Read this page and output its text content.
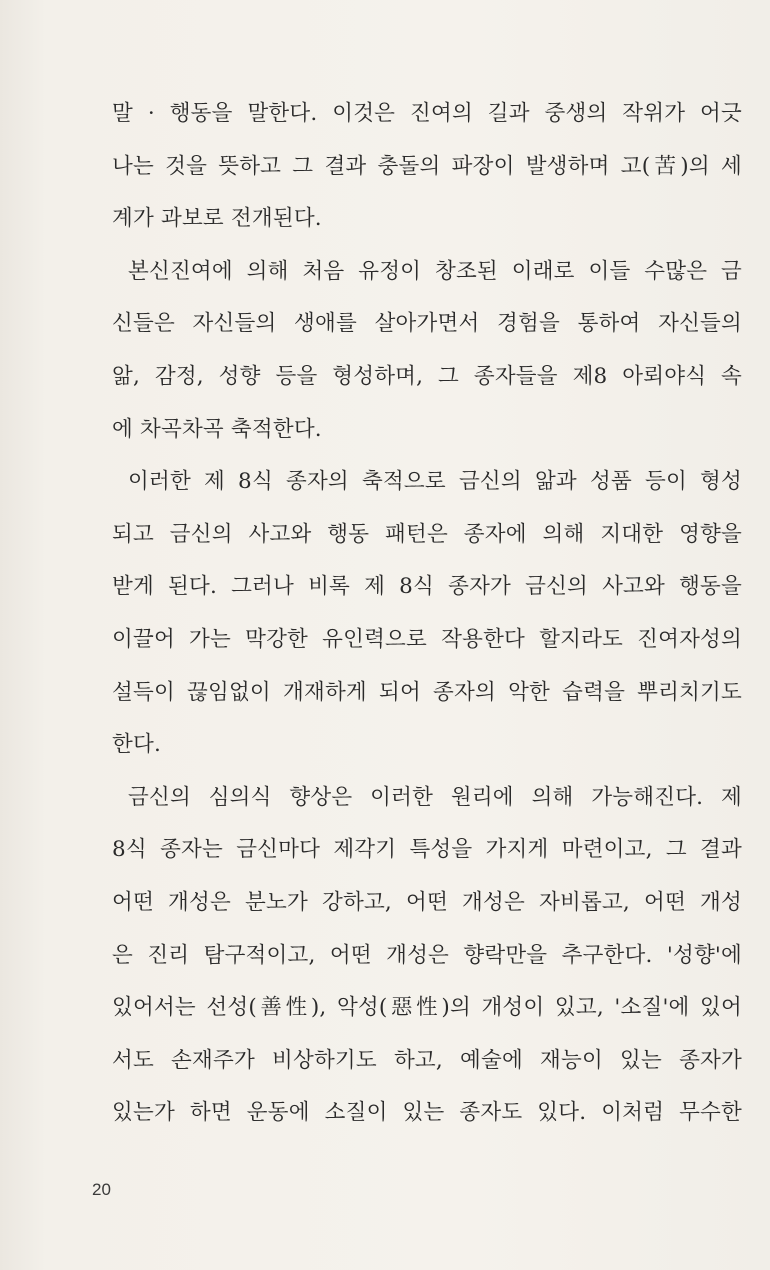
말 · 행동을 말한다. 이것은 진여의 길과 중생의 작위가 어긋
나는 것을 뜻하고 그 결과 충돌의 파장이 발생하며 고(苦)의 세
계가 과보로 전개된다.
본신진여에 의해 처음 유정이 창조된 이래로 이들 수많은 금
신들은 자신들의 생애를 살아가면서 경험을 통하여 자신들의
앎, 감정, 성향 등을 형성하며, 그 종자들을 제8 아뢰야식 속
에 차곡차곡 축적한다.
이러한 제 8식 종자의 축적으로 금신의 앎과 성품 등이 형성
되고 금신의 사고와 행동 패턴은 종자에 의해 지대한 영향을
받게 된다. 그러나 비록 제 8식 종자가 금신의 사고와 행동을
이끌어 가는 막강한 유인력으로 작용한다 할지라도 진여자성의
설득이 끊임없이 개재하게 되어 종자의 악한 습력을 뿌리치기도
한다.
금신의 심의식 향상은 이러한 원리에 의해 가능해진다. 제
8식 종자는 금신마다 제각기 특성을 가지게 마련이고, 그 결과
어떤 개성은 분노가 강하고, 어떤 개성은 자비롭고, 어떤 개성
은 진리 탐구적이고, 어떤 개성은 향락만을 추구한다. '성향'에
있어서는 선성(善性), 악성(惡性)의 개성이 있고, '소질'에 있어
서도 손재주가 비상하기도 하고, 예술에 재능이 있는 종자가
있는가 하면 운동에 소질이 있는 종자도 있다. 이처럼 무수한
20
